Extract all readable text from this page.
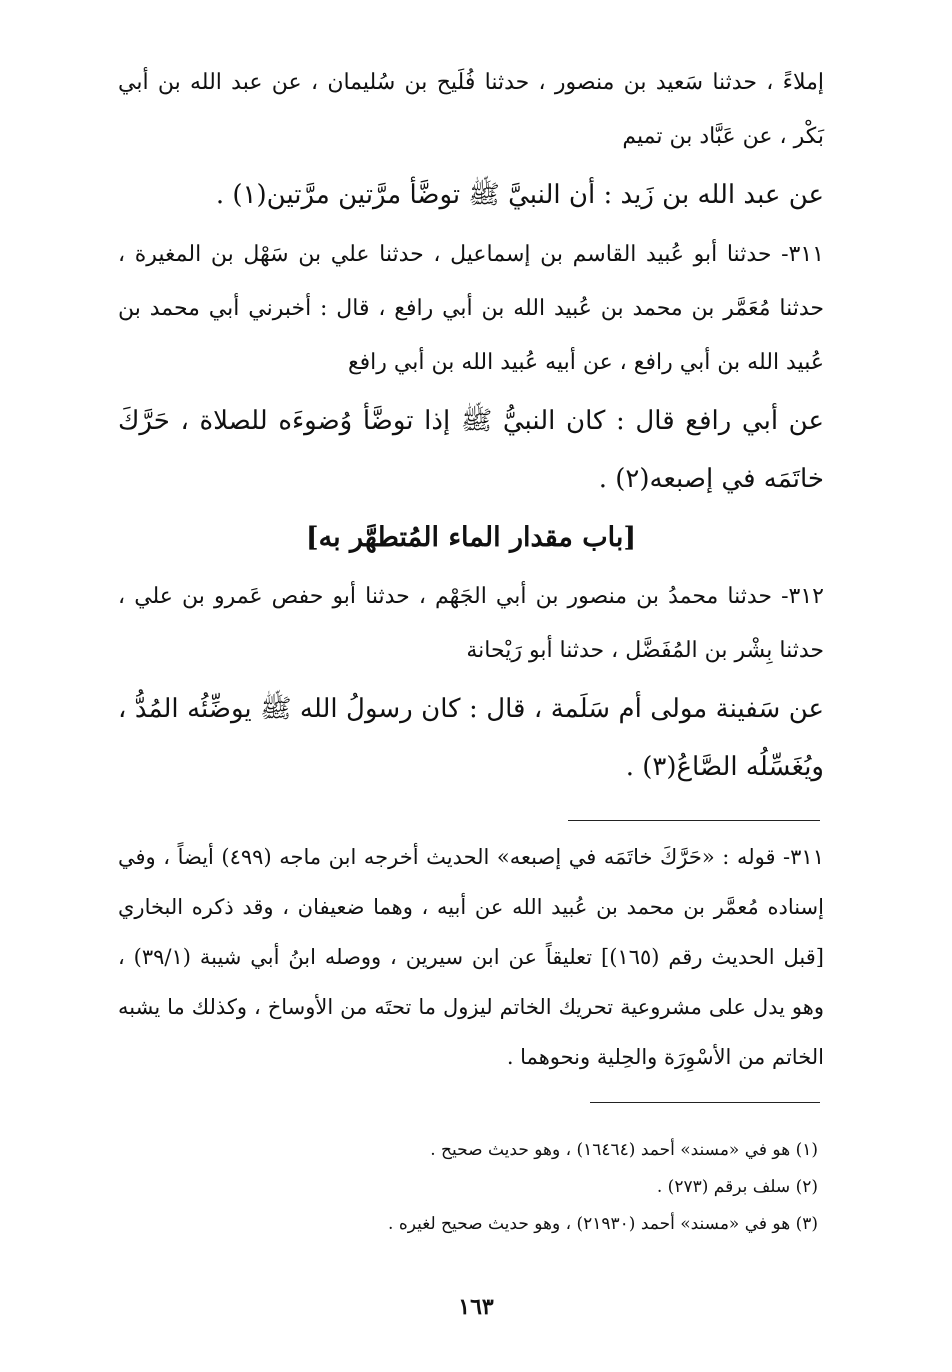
إملاءً ، حدثنا سَعيد بن منصور ، حدثنا فُلَيح بن سُليمان ، عن عبد الله بن أبي بَكْر ، عن عَبَّاد بن تميم

عن عبد الله بن زَيد : أن النبيَّ ﷺ توضَّأ مرَّتين مرَّتين(١) .

٣١١- حدثنا أبو عُبيد القاسم بن إسماعيل ، حدثنا علي بن سَهْل بن المغيرة ، حدثنا مُعَمَّر بن محمد بن عُبيد الله بن أبي رافع ، قال : أخبرني أبي محمد بن عُبيد الله بن أبي رافع ، عن أبيه عُبيد الله بن أبي رافع

عن أبي رافع قال : كان النبيُّ ﷺ إذا توضَّأ وُضوءَه للصلاة ، حَرَّكَ خاتَمَه في إصبعه(٢) .

[باب مقدار الماء المُتطهَّر به]

٣١٢- حدثنا محمدُ بن منصور بن أبي الجَهْم ، حدثنا أبو حفص عَمرو بن علي ، حدثنا بِشْر بن المُفَضَّل ، حدثنا أبو رَيْحانة

عن سَفينة مولى أم سَلَمة ، قال : كان رسولُ الله ﷺ يوضِّئُه المُدُّ ، ويُغَسِّلُه الصَّاعُ(٣) .

٣١١- قوله : «حَرَّكَ خاتَمَه في إصبعه» الحديث أخرجه ابن ماجه (٤٩٩) أيضاً ، وفي إسناده مُعمَّر بن محمد بن عُبيد الله عن أبيه ، وهما ضعيفان ، وقد ذكره البخاري [قبل الحديث رقم (١٦٥)] تعليقاً عن ابن سيرين ، ووصله ابنُ أبي شيبة (٣٩/١) ، وهو يدل على مشروعية تحريك الخاتم ليزول ما تحتَه من الأوساخ ، وكذلك ما يشبه الخاتم من الأسْوِرَة والحِلية ونحوهما .

(١) هو في «مسند» أحمد (١٦٤٦٤) ، وهو حديث صحيح .
(٢) سلف برقم (٢٧٣) .
(٣) هو في «مسند» أحمد (٢١٩٣٠) ، وهو حديث صحيح لغيره .
١٦٣
